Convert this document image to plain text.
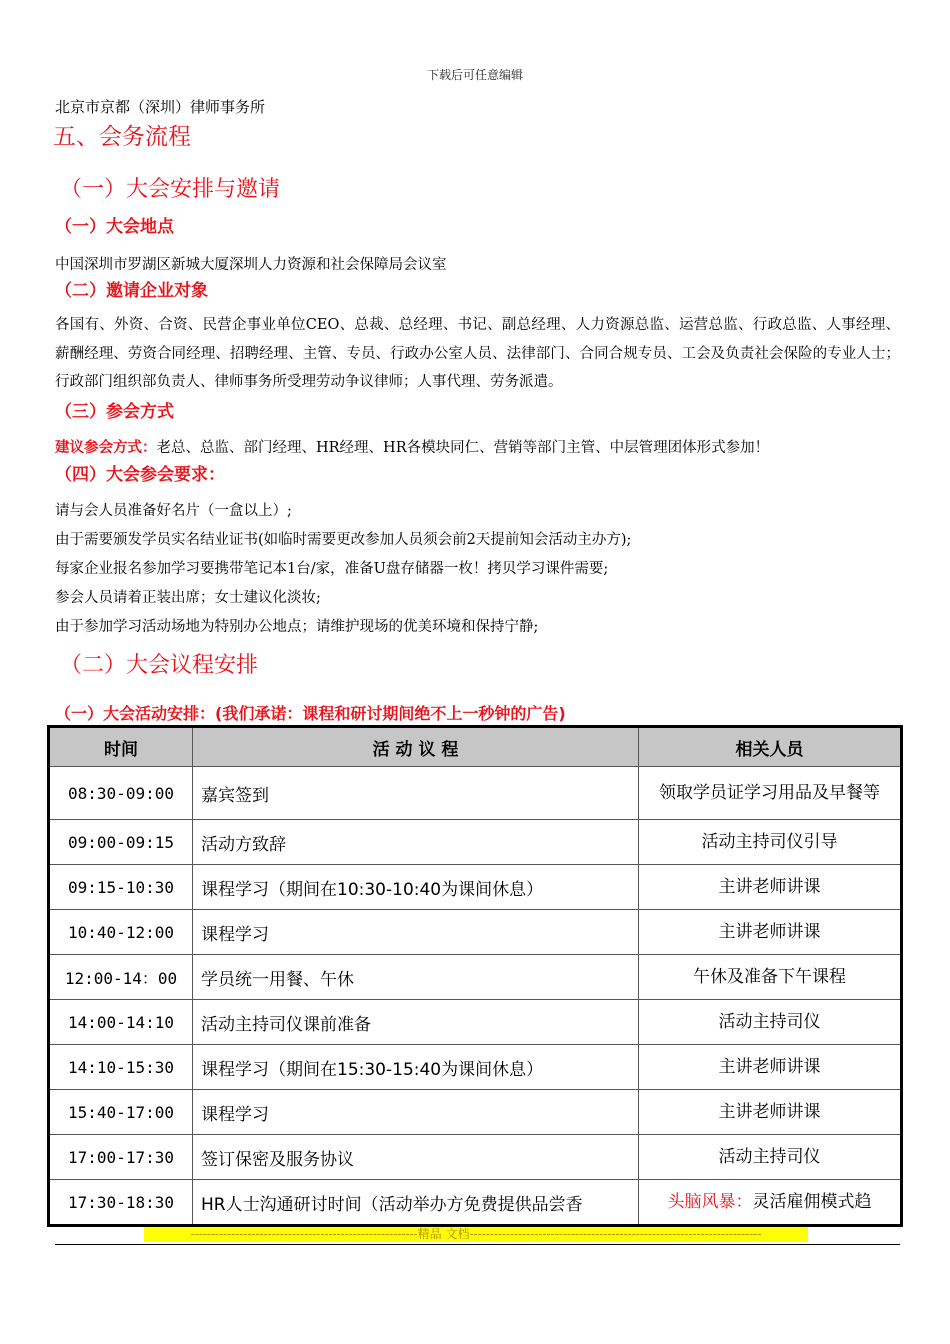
下载后可任意编辑
北京市京都（深圳）律师事务所
五、会务流程
（一）大会安排与邀请
（一）大会地点
中国深圳市罗湖区新城大厦深圳人力资源和社会保障局会议室
（二）邀请企业对象
各国有、外资、合资、民营企事业单位CEO、总裁、总经理、书记、副总经理、人力资源总监、运营总监、行政总监、人事经理、薪酬经理、劳资合同经理、招聘经理、主管、专员、行政办公室人员、法律部门、合同合规专员、工会及负责社会保险的专业人士；行政部门组织部负责人、律师事务所受理劳动争议律师；人事代理、劳务派遣。
（三）参会方式
建议参会方式：老总、总监、部门经理、HR经理、HR各模块同仁、营销等部门主管、中层管理团体形式参加！
（四）大会参会要求：
请与会人员准备好名片（一盒以上）;
由于需要颁发学员实名结业证书(如临时需要更改参加人员须会前2天提前知会活动主办方);
每家企业报名参加学习要携带笔记本1台/家，准备U盘存储器一枚！拷贝学习课件需要;
参会人员请着正装出席；女士建议化淡妆;
由于参加学习活动场地为特别办公地点；请维护现场的优美环境和保持宁静;
（二）大会议程安排
（一）大会活动安排：(我们承诺：课程和研讨期间绝不上一秒钟的广告)
时间	活 动 议 程	相关人员
08:30-09:00	嘉宾签到	领取学员证学习用品及早餐等
09:00-09:15	活动方致辞	活动主持司仪引导
09:15-10:30	课程学习（期间在10:30-10:40为课间休息）	主讲老师讲课
10:40-12:00	课程学习	主讲老师讲课
12:00-14：00	学员统一用餐、午休	午休及准备下午课程
14:00-14:10	活动主持司仪课前准备	活动主持司仪
14:10-15:30	课程学习（期间在15:30-15:40为课间休息）	主讲老师讲课
15:40-17:00	课程学习	主讲老师讲课
17:00-17:30	签订保密及服务协议	活动主持司仪
17:30-18:30	HR人士沟通研讨时间（活动举办方免费提供品尝香	头脑风暴：灵活雇佣模式趋
--------------------------------------------------------精品 文档------------------------------------------------------------------------
